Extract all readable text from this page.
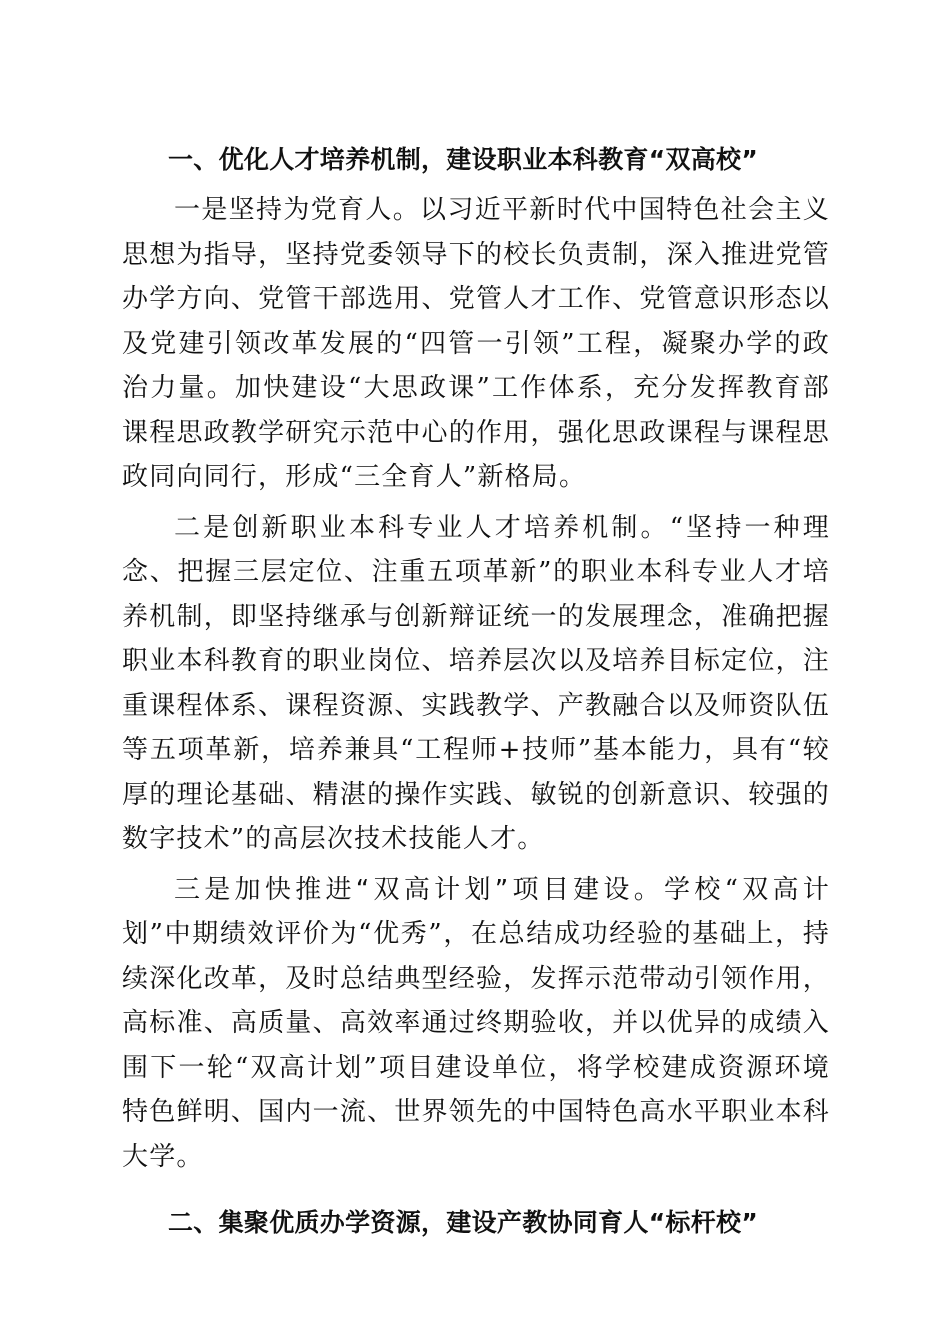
一、优化人才培养机制，建设职业本科教育“双高校”

一是坚持为党育人。以习近平新时代中国特色社会主义思想为指导，坚持党委领导下的校长负责制，深入推进党管办学方向、党管干部选用、党管人才工作、党管意识形态以及党建引领改革发展的“四管一引领”工程，凝聚办学的政治力量。加快建设“大思政课”工作体系，充分发挥教育部课程思政教学研究示范中心的作用，强化思政课程与课程思政同向同行，形成“三全育人”新格局。

二是创新职业本科专业人才培养机制。“坚持一种理念、把握三层定位、注重五项革新”的职业本科专业人才培养机制，即坚持继承与创新辩证统一的发展理念，准确把握职业本科教育的职业岗位、培养层次以及培养目标定位，注重课程体系、课程资源、实践教学、产教融合以及师资队伍等五项革新，培养兼具“工程师+技师”基本能力，具有“较厚的理论基础、精湛的操作实践、敏锐的创新意识、较强的数字技术”的高层次技术技能人才。

三是加快推进“双高计划”项目建设。学校“双高计划”中期绩效评价为“优秀”，在总结成功经验的基础上，持续深化改革，及时总结典型经验，发挥示范带动引领作用，高标准、高质量、高效率通过终期验收，并以优异的成绩入围下一轮“双高计划”项目建设单位，将学校建成资源环境特色鲜明、国内一流、世界领先的中国特色高水平职业本科大学。

二、集聚优质办学资源，建设产教协同育人“标杆校”
